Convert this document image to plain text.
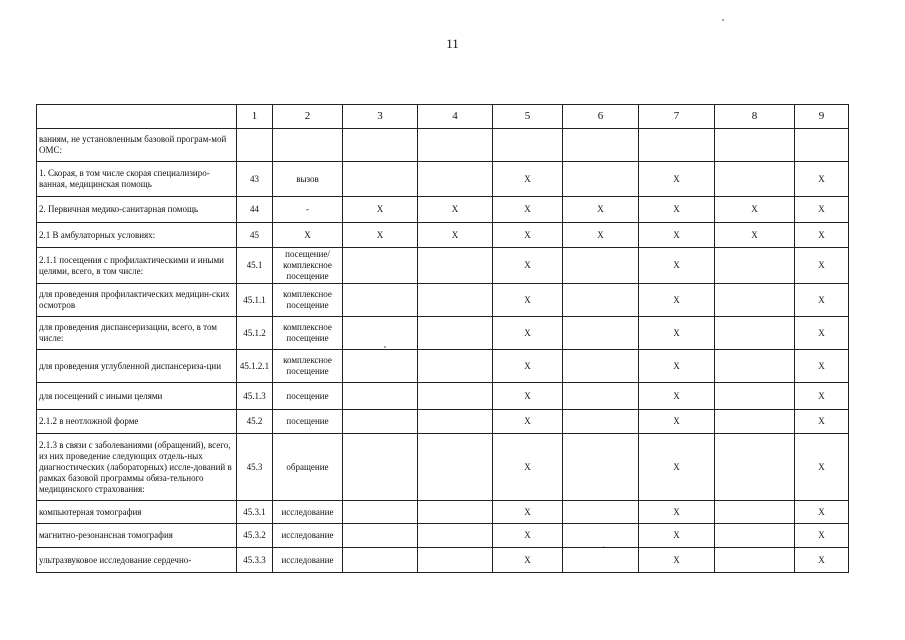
11
	1	2	3	4	5	6	7	8	9
ваниям, не установленным базовой програм-мой ОМС:									
1. Скорая, в том числе скорая специализиро-ванная, медицинская помощь	43	вызов			X		X		X
2. Первичная медико-санитарная помощь	44	-	X	X	X	X	X	X	X
2.1 В амбулаторных условиях:	45	X	X	X	X	X	X	X	X
2.1.1 посещения с профилактическими и иными целями, всего, в том числе:	45.1	посещение/ комплексное посещение			X		X		X
для проведения профилактических медицин-ских осмотров	45.1.1	комплексное посещение			X		X		X
для проведения диспансеризации, всего, в том числе:	45.1.2	комплексное посещение			X		X		X
для проведения углубленной диспансериза-ции	45.1.2.1	комплексное посещение			X		X		X
для посещений с иными целями	45.1.3	посещение			X		X		X
2.1.2 в неотложной форме	45.2	посещение			X		X		X
2.1.3 в связи с заболеваниями (обращений), всего, из них проведение следующих отдель-ных диагностических (лабораторных) иссле-дований в рамках базовой программы обяза-тельного медицинского страхования:	45.3	обращение			X		X		X
компьютерная томография	45.3.1	исследование			X		X		X
магнитно-резонансная томография	45.3.2	исследование			X		X		X
ультразвуковое исследование сердечно-	45.3.3	исследование			X		X		X
